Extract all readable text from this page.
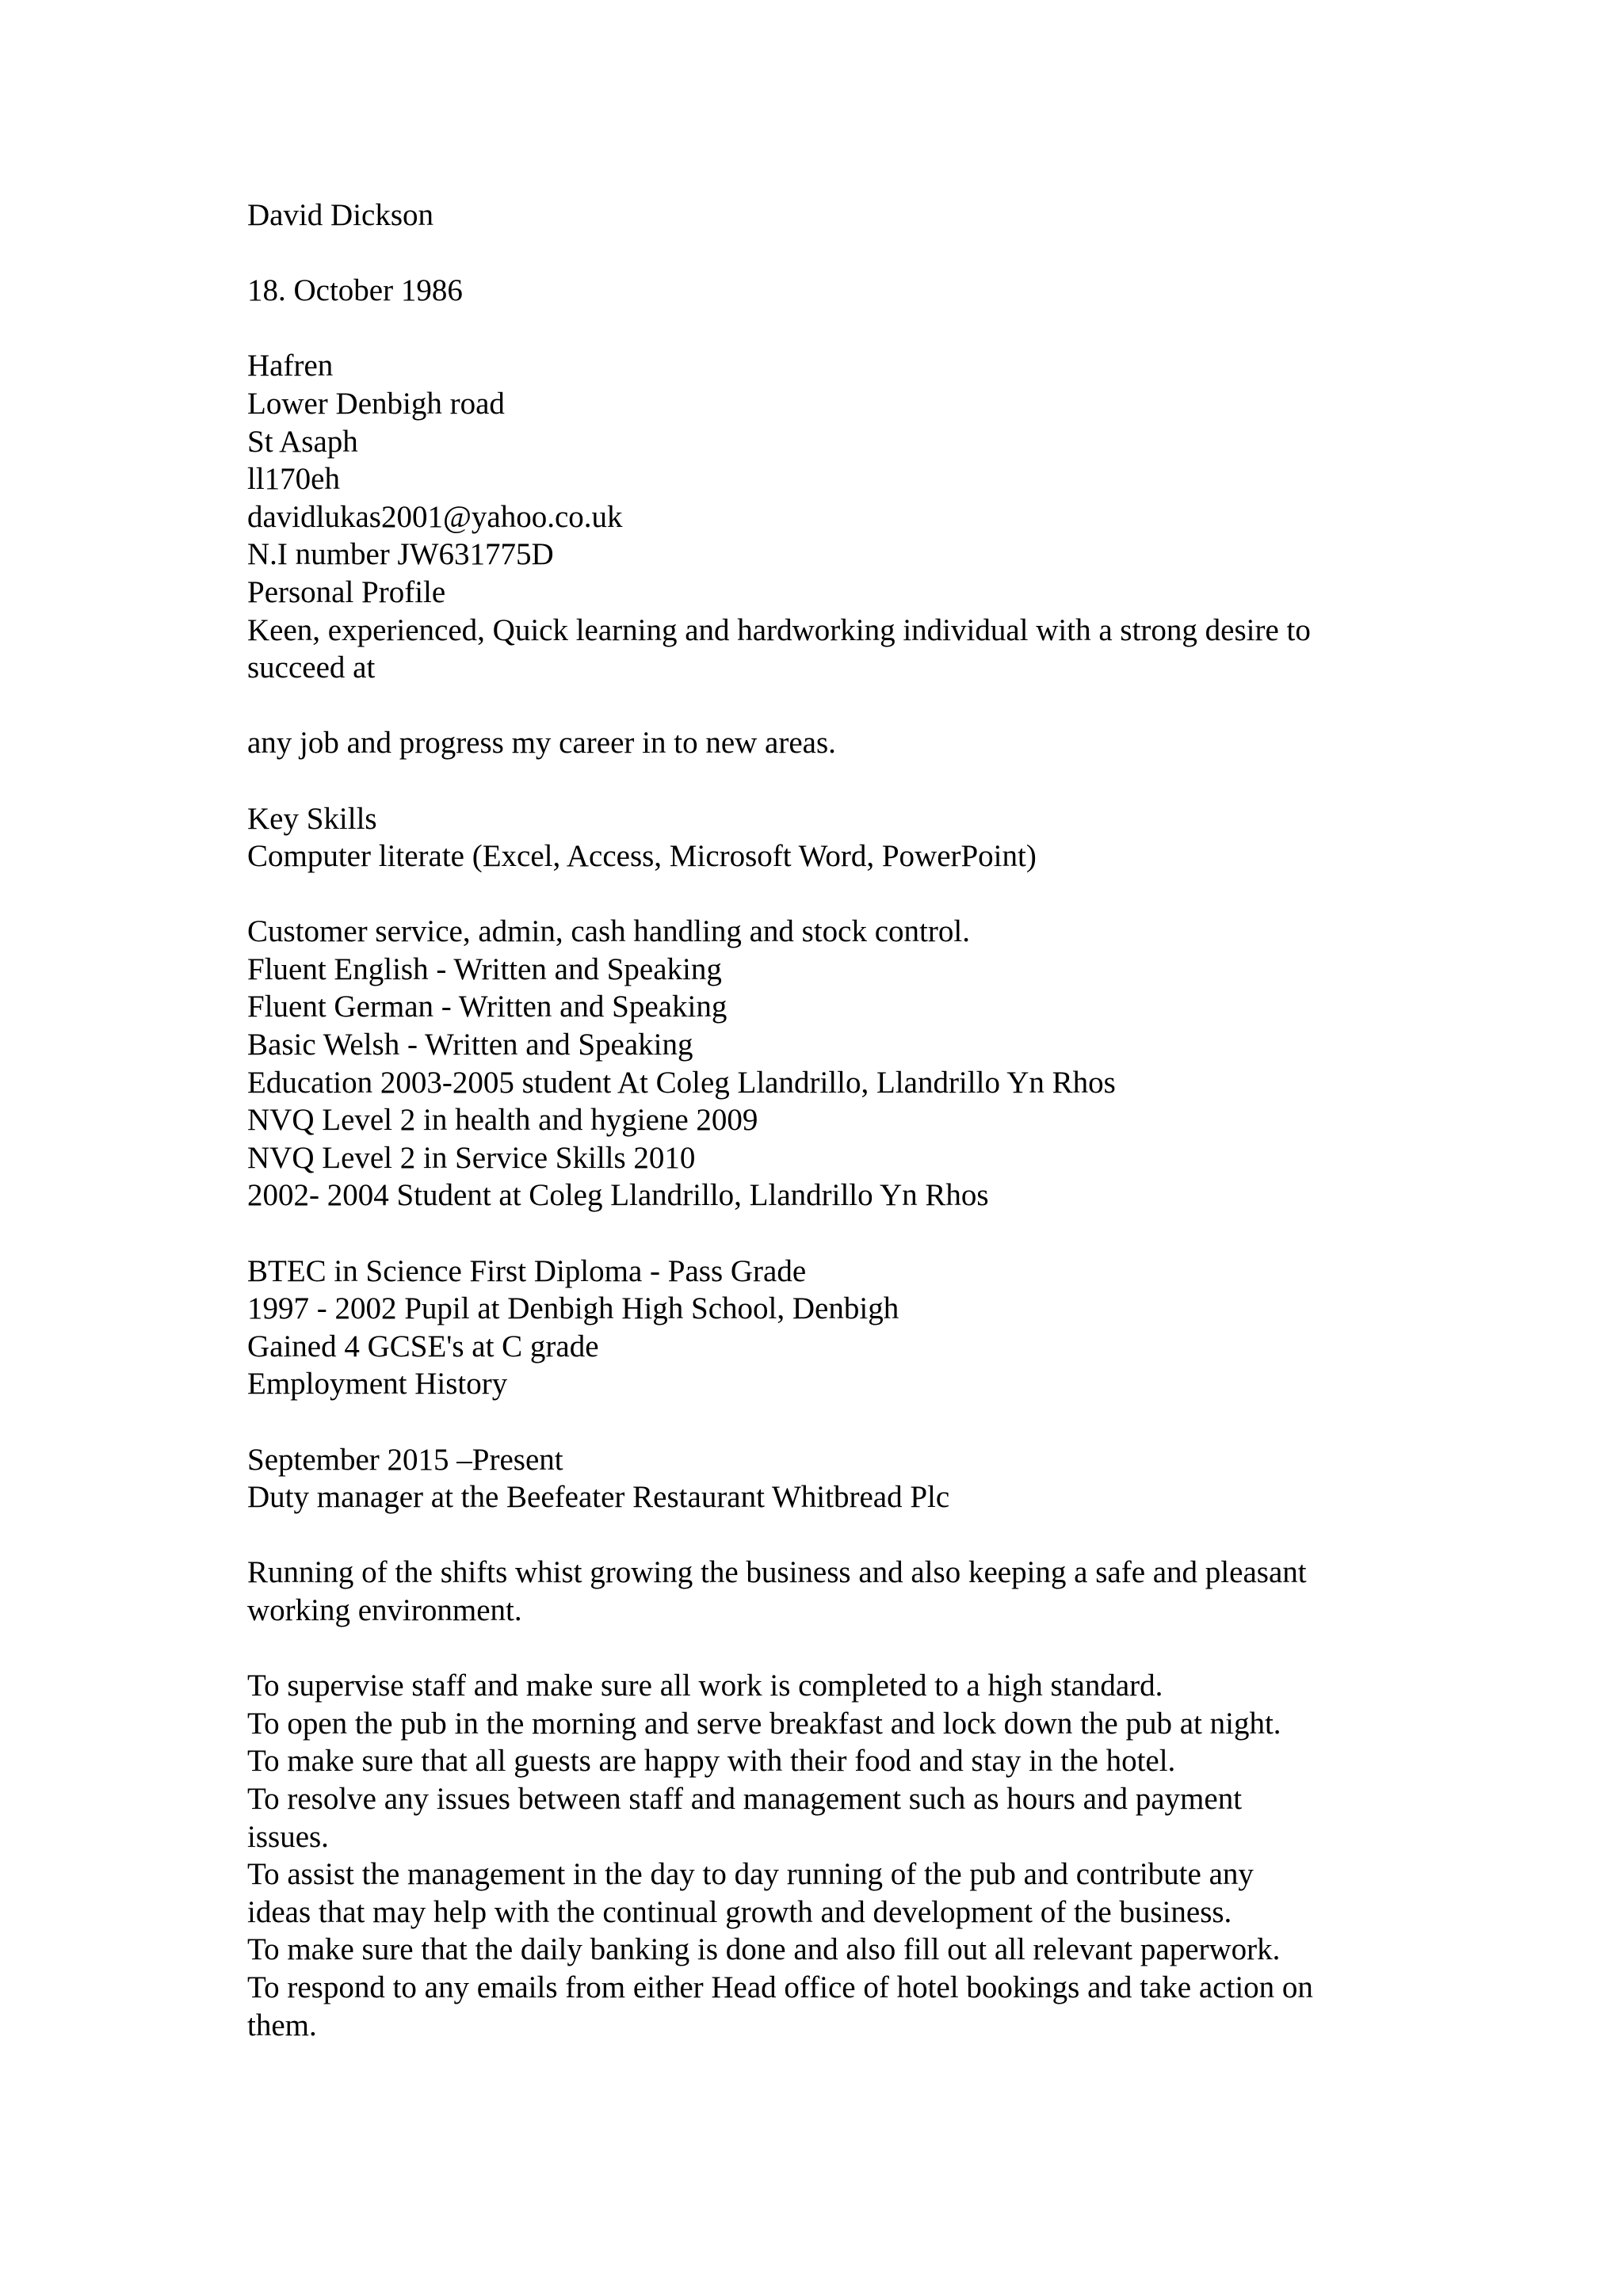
David Dickson
18. October 1986
Hafren
Lower Denbigh road
St Asaph
ll170eh
davidlukas2001@yahoo.co.uk
N.I number JW631775D
Personal Profile
Keen, experienced, Quick learning and hardworking individual with a strong desire to
succeed at
any job and progress my career in to new areas.
Key Skills
Computer literate (Excel, Access, Microsoft Word, PowerPoint)
Customer service, admin, cash handling and stock control.
Fluent English - Written and Speaking
Fluent German - Written and Speaking
Basic Welsh - Written and Speaking
Education 2003-2005 student At Coleg Llandrillo, Llandrillo Yn Rhos
NVQ Level 2 in health and hygiene 2009
NVQ Level 2 in Service Skills 2010
2002- 2004 Student at Coleg Llandrillo, Llandrillo Yn Rhos
BTEC in Science First Diploma - Pass Grade
1997 - 2002 Pupil at Denbigh High School, Denbigh
Gained 4 GCSE's at C grade
Employment History
September 2015 –Present
Duty manager at the Beefeater Restaurant Whitbread Plc
Running of the shifts whist growing the business and also keeping a safe and pleasant
working environment.
To supervise staff and make sure all work is completed to a high standard.
To open the pub in the morning and serve breakfast and lock down the pub at night.
To make sure that all guests are happy with their food and stay in the hotel.
To resolve any issues between staff and management such as hours and payment
issues.
To assist the management in the day to day running of the pub and contribute any
ideas that may help with the continual growth and development of the business.
To make sure that the daily banking is done and also fill out all relevant paperwork.
To respond to any emails from either Head office of hotel bookings and take action on
them.
